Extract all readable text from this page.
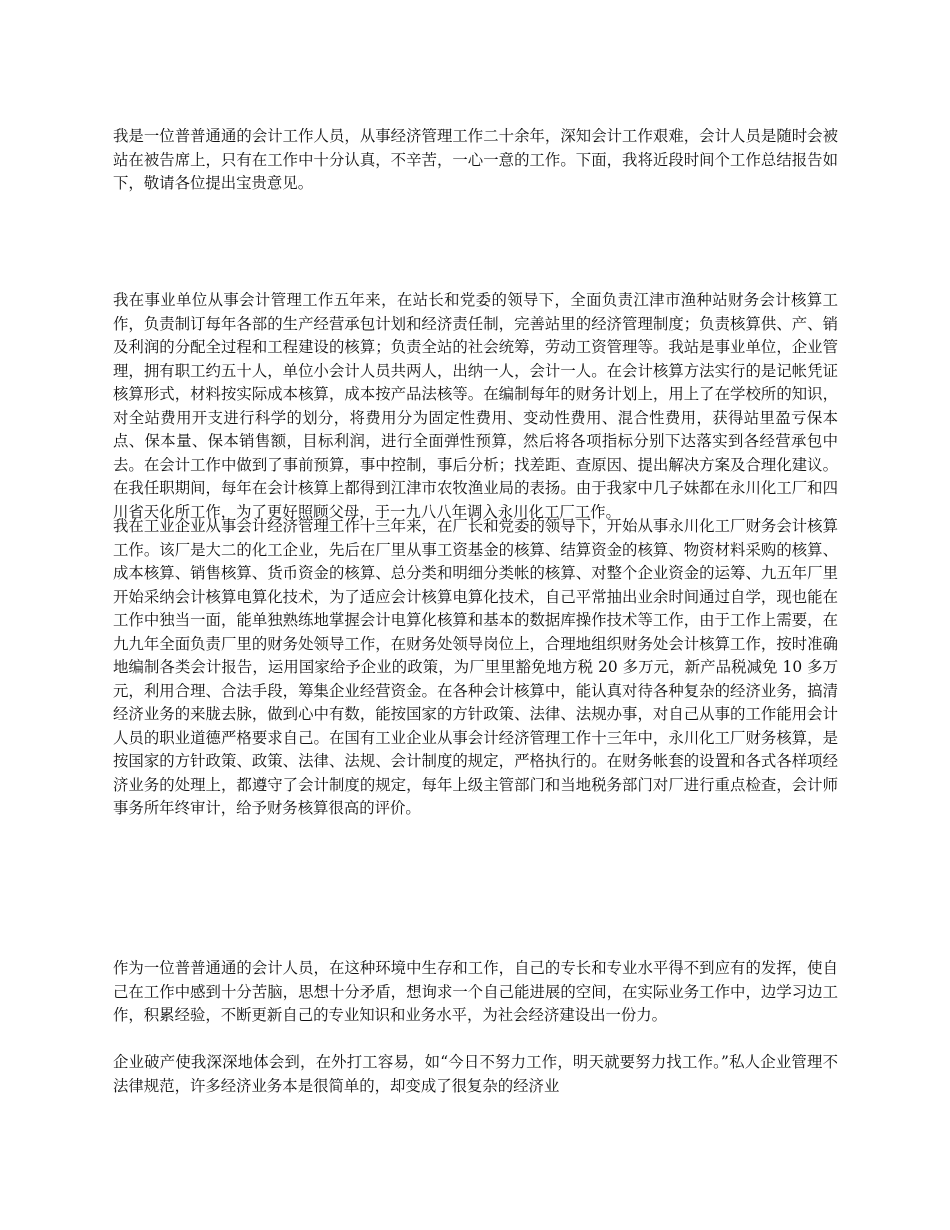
我是一位普普通通的会计工作人员，从事经济管理工作二十余年，深知会计工作艰难，会计人员是随时会被站在被告席上，只有在工作中十分认真，不辛苦，一心一意的工作。下面，我将近段时间个工作总结报告如下，敬请各位提出宝贵意见。

我在事业单位从事会计管理工作五年来，在站长和党委的领导下，全面负责江津市渔种站财务会计核算工作，负责制订每年各部的生产经营承包计划和经济责任制，完善站里的经济管理制度；负责核算供、产、销及利润的分配全过程和工程建设的核算；负责全站的社会统筹，劳动工资管理等。我站是事业单位，企业管理，拥有职工约五十人，单位小会计人员共两人，出纳一人，会计一人。在会计核算方法实行的是记帐凭证核算形式，材料按实际成本核算，成本按产品法核等。在编制每年的财务计划上，用上了在学校所的知识，对全站费用开支进行科学的划分，将费用分为固定性费用、变动性费用、混合性费用，获得站里盈亏保本点、保本量、保本销售额，目标利润，进行全面弹性预算，然后将各项指标分别下达落实到各经营承包中去。在会计工作中做到了事前预算，事中控制，事后分析；找差距、查原因、提出解决方案及合理化建议。在我任职期间，每年在会计核算上都得到江津市农牧渔业局的表扬。由于我家中几子妹都在永川化工厂和四川省天化所工作，为了更好照顾父母，于一九八八年调入永川化工厂工作。

我在工业企业从事会计经济管理工作十三年来，在厂长和党委的领导下，开始从事永川化工厂财务会计核算工作。该厂是大二的化工企业，先后在厂里从事工资基金的核算、结算资金的核算、物资材料采购的核算、成本核算、销售核算、货币资金的核算、总分类和明细分类帐的核算、对整个企业资金的运筹、九五年厂里开始采纳会计核算电算化技术，为了适应会计核算电算化技术，自己平常抽出业余时间通过自学，现也能在工作中独当一面，能单独熟练地掌握会计电算化核算和基本的数据库操作技术等工作，由于工作上需要，在九九年全面负责厂里的财务处领导工作，在财务处领导岗位上，合理地组织财务处会计核算工作，按时准确地编制各类会计报告，运用国家给予企业的政策，为厂里里豁免地方税 20 多万元，新产品税减免 10 多万元，利用合理、合法手段，筹集企业经营资金。在各种会计核算中，能认真对待各种复杂的经济业务，搞清经济业务的来胧去脉，做到心中有数，能按国家的方针政策、法律、法规办事，对自己从事的工作能用会计人员的职业道德严格要求自己。在国有工业企业从事会计经济管理工作十三年中，永川化工厂财务核算，是按国家的方针政策、政策、法律、法规、会计制度的规定，严格执行的。在财务帐套的设置和各式各样项经济业务的处理上，都遵守了会计制度的规定，每年上级主管部门和当地税务部门对厂进行重点检查，会计师事务所年终审计，给予财务核算很高的评价。

作为一位普普通通的会计人员，在这种环境中生存和工作，自己的专长和专业水平得不到应有的发挥，使自己在工作中感到十分苦脑，思想十分矛盾，想询求一个自己能进展的空间，在实际业务工作中，边学习边工作，积累经验，不断更新自己的专业知识和业务水平，为社会经济建设出一份力。

企业破产使我深深地体会到，在外打工容易，如“今日不努力工作，明天就要努力找工作。”私人企业管理不法律规范，许多经济业务本是很简单的，却变成了很复杂的经济业
